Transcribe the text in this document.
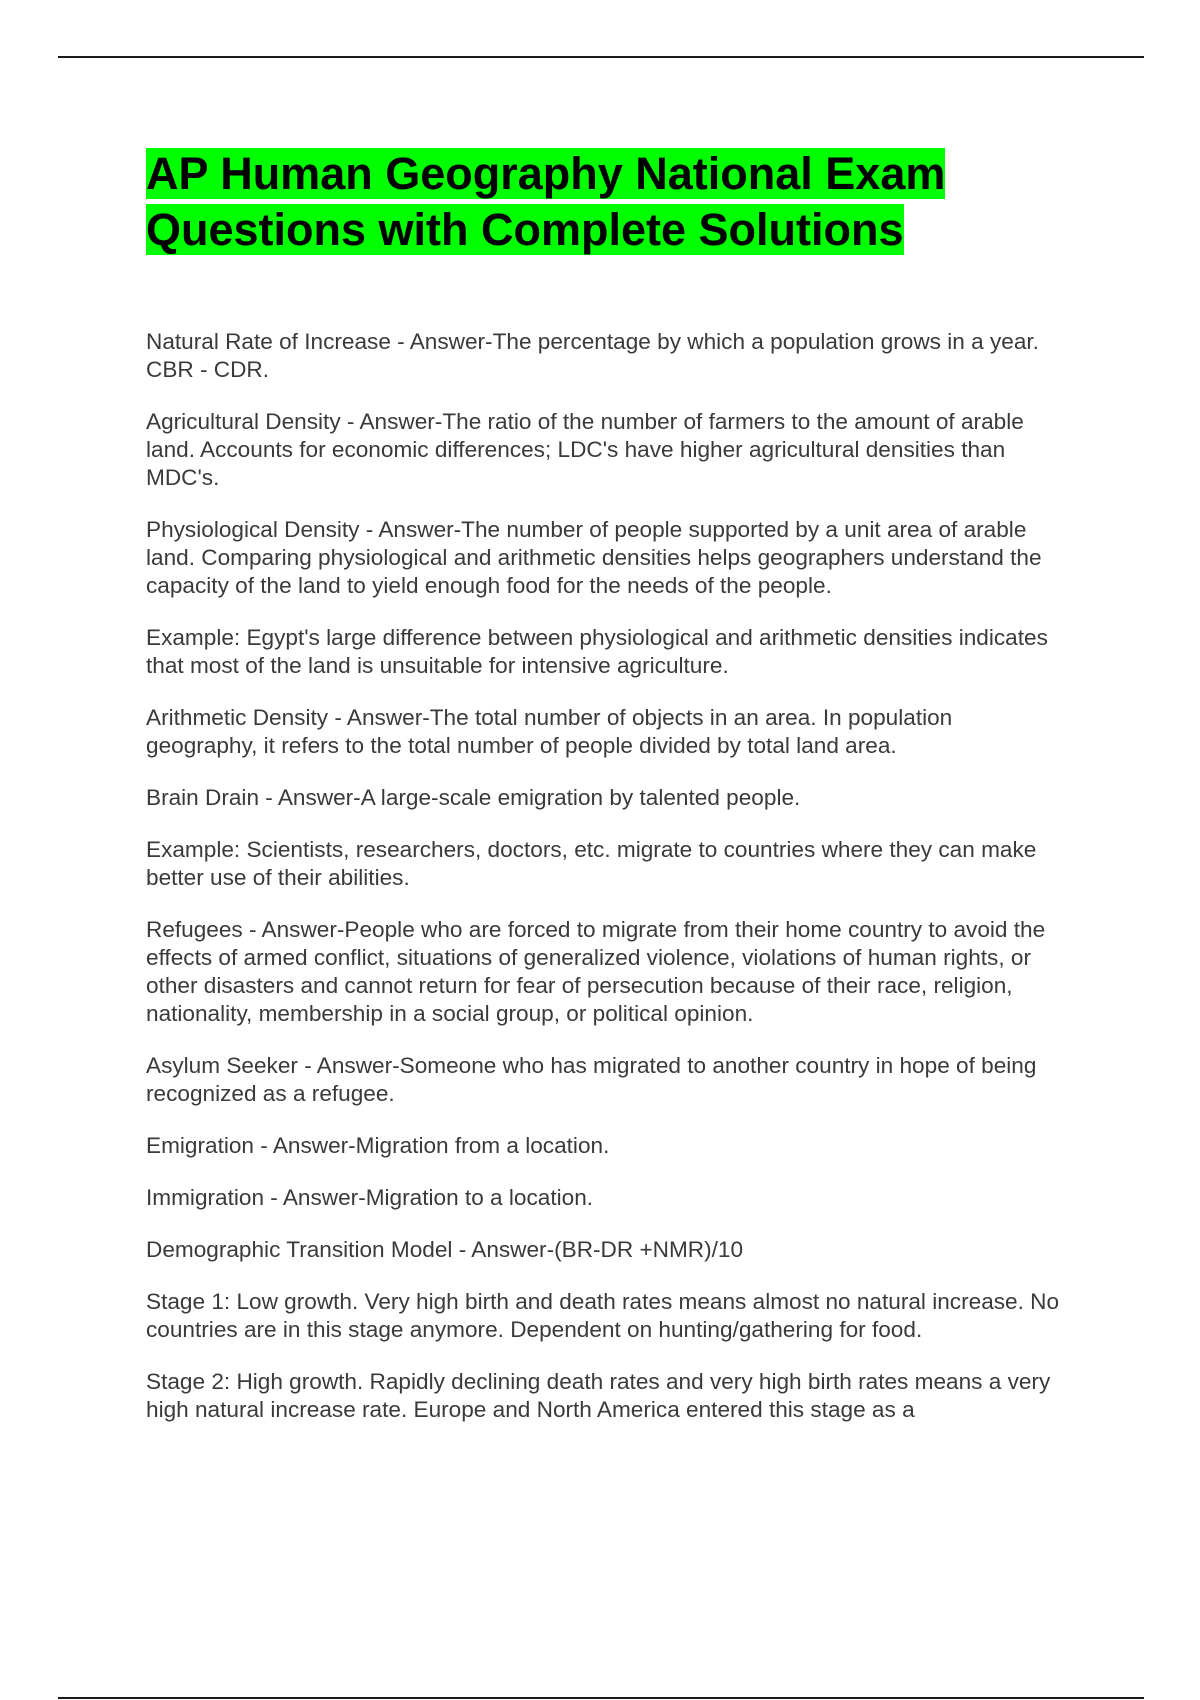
AP Human Geography National Exam
Questions with Complete Solutions

Natural Rate of Increase - Answer-The percentage by which a population grows in a year. CBR - CDR.

Agricultural Density - Answer-The ratio of the number of farmers to the amount of arable land. Accounts for economic differences; LDC's have higher agricultural densities than MDC's.

Physiological Density - Answer-The number of people supported by a unit area of arable land. Comparing physiological and arithmetic densities helps geographers understand the capacity of the land to yield enough food for the needs of the people.

Example: Egypt's large difference between physiological and arithmetic densities indicates that most of the land is unsuitable for intensive agriculture.

Arithmetic Density - Answer-The total number of objects in an area. In population geography, it refers to the total number of people divided by total land area.

Brain Drain - Answer-A large-scale emigration by talented people.

Example: Scientists, researchers, doctors, etc. migrate to countries where they can make better use of their abilities.

Refugees - Answer-People who are forced to migrate from their home country to avoid the effects of armed conflict, situations of generalized violence, violations of human rights, or other disasters and cannot return for fear of persecution because of their race, religion, nationality, membership in a social group, or political opinion.

Asylum Seeker - Answer-Someone who has migrated to another country in hope of being recognized as a refugee.

Emigration - Answer-Migration from a location.

Immigration - Answer-Migration to a location.

Demographic Transition Model - Answer-(BR-DR +NMR)/10

Stage 1: Low growth. Very high birth and death rates means almost no natural increase. No countries are in this stage anymore. Dependent on hunting/gathering for food.

Stage 2: High growth. Rapidly declining death rates and very high birth rates means a very high natural increase rate. Europe and North America entered this stage as a
